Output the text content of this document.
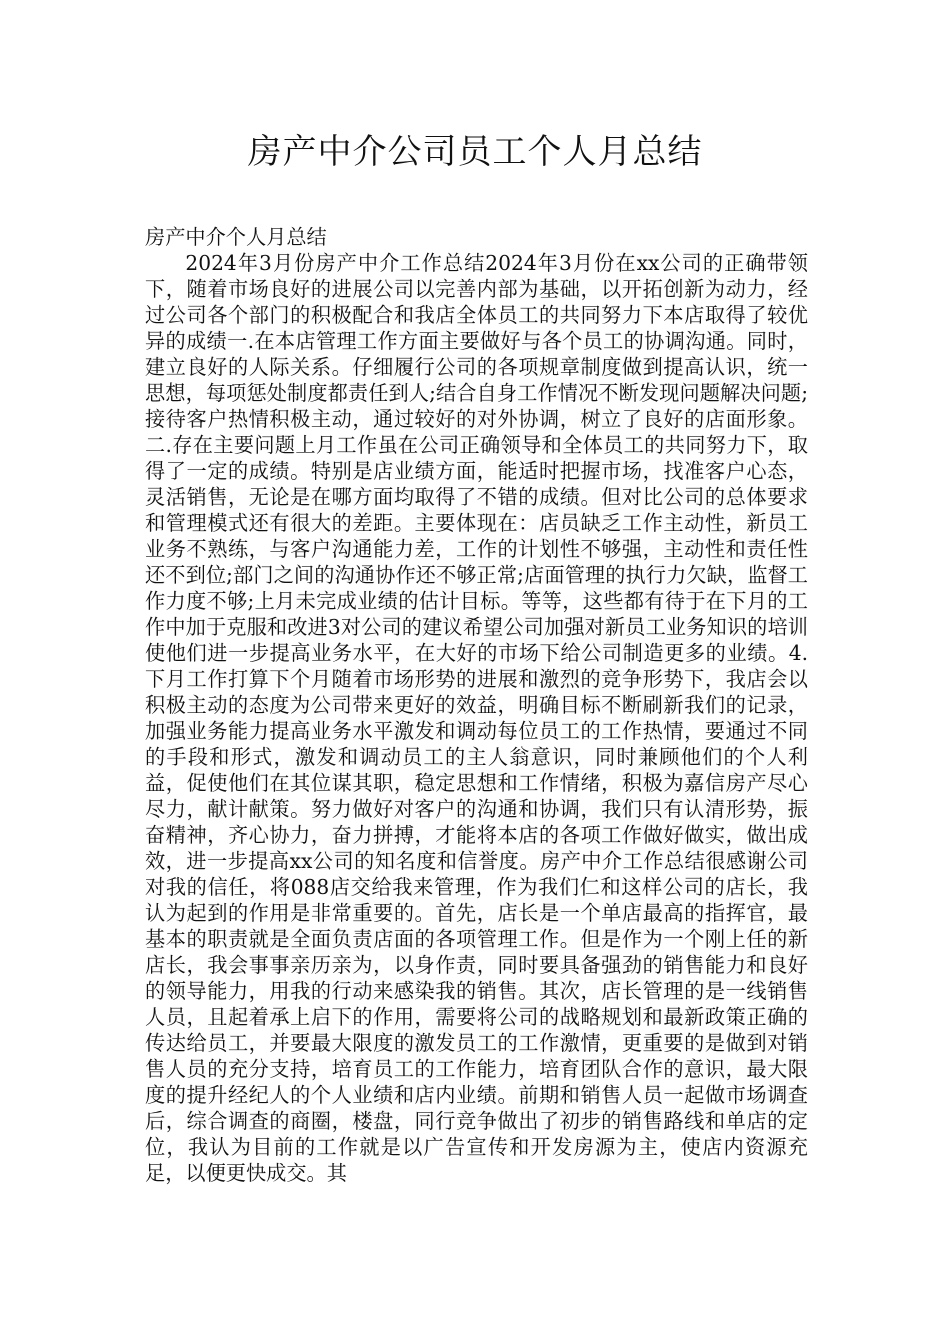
房产中介公司员工个人月总结

房产中介个人月总结

2024年3月份房产中介工作总结2024年3月份在xx公司的正确带领下，随着市场良好的进展公司以完善内部为基础，以开拓创新为动力，经过公司各个部门的积极配合和我店全体员工的共同努力下本店取得了较优异的成绩一.在本店管理工作方面主要做好与各个员工的协调沟通。同时，建立良好的人际关系。仔细履行公司的各项规章制度做到提高认识，统一思想，每项惩处制度都责任到人;结合自身工作情况不断发现问题解决问题;接待客户热情积极主动，通过较好的对外协调，树立了良好的店面形象。二.存在主要问题上月工作虽在公司正确领导和全体员工的共同努力下，取得了一定的成绩。特别是店业绩方面，能适时把握市场，找准客户心态，灵活销售，无论是在哪方面均取得了不错的成绩。但对比公司的总体要求和管理模式还有很大的差距。主要体现在：店员缺乏工作主动性，新员工业务不熟练，与客户沟通能力差，工作的计划性不够强，主动性和责任性还不到位;部门之间的沟通协作还不够正常;店面管理的执行力欠缺，监督工作力度不够;上月未完成业绩的估计目标。等等，这些都有待于在下月的工作中加于克服和改进3对公司的建议希望公司加强对新员工业务知识的培训使他们进一步提高业务水平，在大好的市场下给公司制造更多的业绩。4.下月工作打算下个月随着市场形势的进展和激烈的竞争形势下，我店会以积极主动的态度为公司带来更好的效益，明确目标不断刷新我们的记录，加强业务能力提高业务水平激发和调动每位员工的工作热情，要通过不同的手段和形式，激发和调动员工的主人翁意识，同时兼顾他们的个人利益，促使他们在其位谋其职，稳定思想和工作情绪，积极为嘉信房产尽心尽力，献计献策。努力做好对客户的沟通和协调，我们只有认清形势，振奋精神，齐心协力，奋力拼搏，才能将本店的各项工作做好做实，做出成效，进一步提高xx公司的知名度和信誉度。房产中介工作总结很感谢公司对我的信任，将088店交给我来管理，作为我们仁和这样公司的店长，我认为起到的作用是非常重要的。首先，店长是一个单店最高的指挥官，最基本的职责就是全面负责店面的各项管理工作。但是作为一个刚上任的新店长，我会事事亲历亲为，以身作责，同时要具备强劲的销售能力和良好的领导能力，用我的行动来感染我的销售。其次，店长管理的是一线销售人员，且起着承上启下的作用，需要将公司的战略规划和最新政策正确的传达给员工，并要最大限度的激发员工的工作激情，更重要的是做到对销售人员的充分支持，培育员工的工作能力，培育团队合作的意识，最大限度的提升经纪人的个人业绩和店内业绩。前期和销售人员一起做市场调查后，综合调查的商圈，楼盘，同行竞争做出了初步的销售路线和单店的定位，我认为目前的工作就是以广告宣传和开发房源为主，使店内资源充足，以便更快成交。其
